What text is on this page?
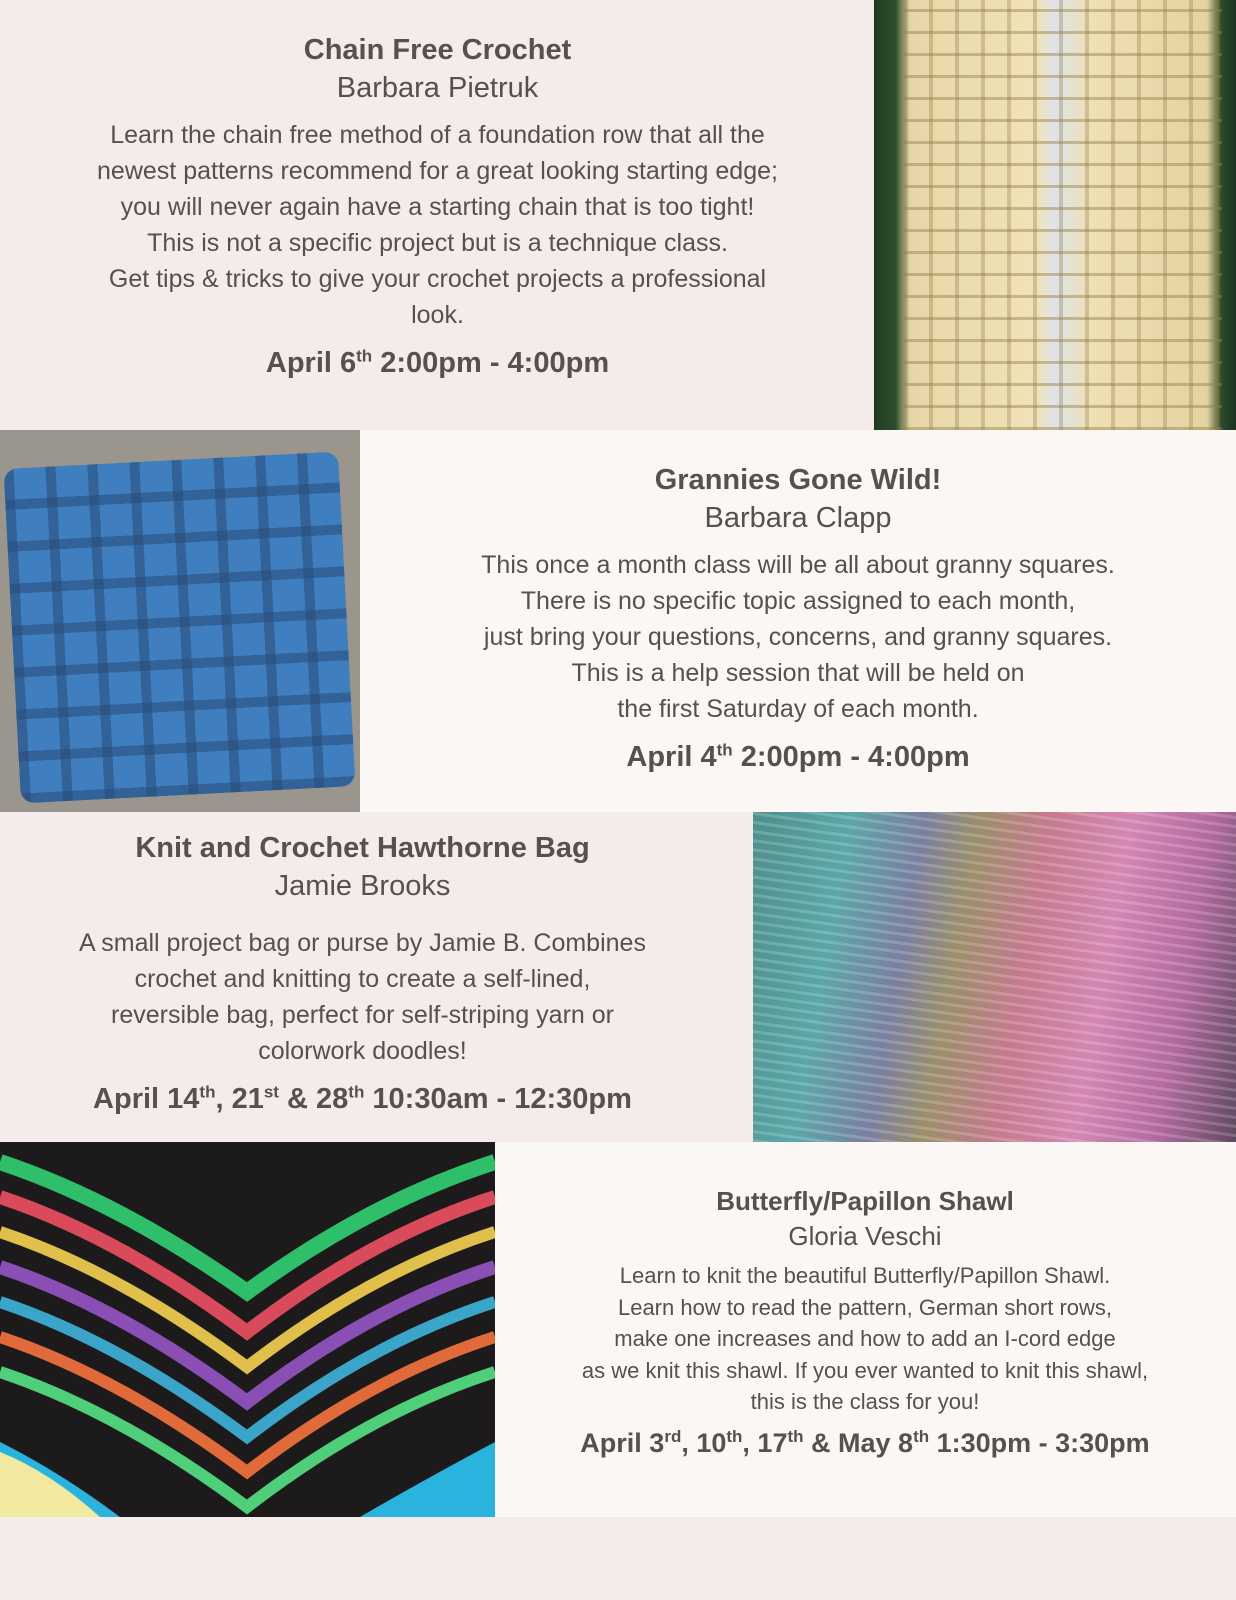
Chain Free Crochet
Barbara Pietruk
Learn the chain free method of a foundation row that all the
newest patterns recommend for a great looking starting edge;
you will never again have a starting chain that is too tight!
This is not a specific project but is a technique class.
Get tips & tricks to give your crochet projects a professional
look.
April 6th 2:00pm - 4:00pm
Grannies Gone Wild!
Barbara Clapp
This once a month class will be all about granny squares.
There is no specific topic assigned to each month,
just bring your questions, concerns, and granny squares.
This is a help session that will be held on
the first Saturday of each month.
April 4th 2:00pm - 4:00pm
Knit and Crochet Hawthorne Bag
Jamie Brooks
A small project bag or purse by Jamie B. Combines
crochet and knitting to create a self-lined,
reversible bag, perfect for self-striping yarn or
colorwork doodles!
April 14th, 21st & 28th 10:30am - 12:30pm
Butterfly/Papillon Shawl
Gloria Veschi
Learn to knit the beautiful Butterfly/Papillon Shawl.
Learn how to read the pattern, German short rows,
make one increases and how to add an I-cord edge
as we knit this shawl. If you ever wanted to knit this shawl,
this is the class for you!
April 3rd, 10th, 17th & May 8th 1:30pm - 3:30pm
